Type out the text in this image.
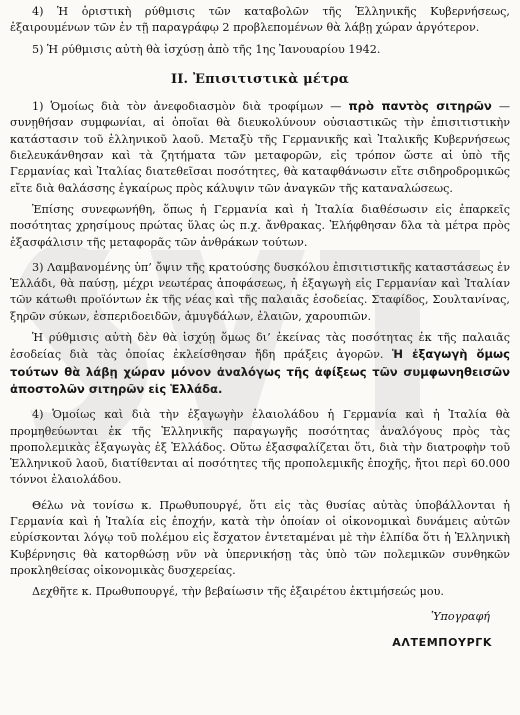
4) Ἡ ὁριστικὴ ρύθμισις τῶν καταβολῶν τῆς Ἑλληνικῆς Κυβερνήσεως, ἐξαιρουμένων τῶν ἐν τῇ παραγράφῳ 2 προβλεπομένων θὰ λάβῃ χώραν ἀργότερον.

5) Ἡ ρύθμισις αὐτὴ θὰ ἰσχύσῃ ἀπὸ τῆς 1ης Ἰανουαρίου 1942.

II. Ἐπισιτιστικὰ μέτρα

1) Ὁμοίως διὰ τὸν ἀνεφοδιασμὸν διὰ τροφίμων — πρὸ παντὸς σιτηρῶν — συνῃθήσαν συμφωνίαι, αἱ ὁποῖαι θὰ διευκολύνουν οὐσιαστικῶς τὴν ἐπισιτιστικὴν κατάστασιν τοῦ ἑλληνικοῦ λαοῦ. Μεταξὺ τῆς Γερμανικῆς καὶ Ἰταλικῆς Κυβερνήσεως διελευκάνθησαν καὶ τὰ ζητήματα τῶν μεταφορῶν, εἰς τρόπον ὥστε αἱ ὑπὸ τῆς Γερμανίας καὶ Ἰταλίας διατεθεῖσαι ποσότητες, θὰ καταφθάνωσιν εἴτε σιδηροδρομικῶς εἴτε διὰ θαλάσσης ἐγκαίρως πρὸς κάλυψιν τῶν ἀναγκῶν τῆς καταναλώσεως.

Ἐπίσης συνεφωνήθη, ὅπως ἡ Γερμανία καὶ ἡ Ἰταλία διαθέσωσιν εἰς ἐπαρκεῖς ποσότητας χρησίμους πρώτας ὕλας ὡς π.χ. ἄνθρακας. Ἐλήφθησαν δλα τὰ μέτρα πρὸς ἐξασφάλισιν τῆς μεταφορᾶς τῶν ἀνθράκων τούτων.

3) Λαμβανομένης ὑπ’ ὄψιν τῆς κρατούσης δυσκόλου ἐπισιτιστικῆς καταστάσεως ἐν Ἑλλάδι, θὰ παύσῃ, μέχρι νεωτέρας ἀποφάσεως, ἡ ἐξαγωγὴ εἰς Γερμανίαν καὶ Ἰταλίαν τῶν κάτωθι προϊόντων ἐκ τῆς νέας καὶ τῆς παλαιᾶς ἐσοδείας. Σταφίδος, Σουλτανίνας, ξηρῶν σύκων, ἑσπεριδοειδῶν, ἀμυγδάλων, ἐλαιῶν, χαρουπιῶν.

Ἡ ρύθμισις αὐτὴ δὲν θὰ ἰσχύῃ ὅμως δι’ ἐκείνας τὰς ποσότητας ἐκ τῆς παλαιᾶς ἐσοδείας διὰ τὰς ὁποίας ἐκλείσθησαν ἤδη πράξεις ἀγορῶν. Ἡ ἐξαγωγὴ ὅμως τούτων θὰ λάβῃ χώραν μόνον ἀναλόγως τῆς ἀφίξεως τῶν συμφωνηθεισῶν ἀποστολῶν σιτηρῶν εἰς Ἑλλάδα.

4) Ὁμοίως καὶ διὰ τὴν ἐξαγωγὴν ἐλαιολάδου ἡ Γερμανία καὶ ἡ Ἰταλία θὰ προμηθεύωνται ἐκ τῆς Ἑλληνικῆς παραγωγῆς ποσότητας ἀναλόγους πρὸς τὰς προπολεμικὰς ἐξαγωγὰς ἐξ Ἑλλάδος. Οὕτω ἐξασφαλίζεται ὅτι, διὰ τὴν διατροφὴν τοῦ Ἑλληνικοῦ λαοῦ, διατίθενται αἱ ποσότητες τῆς προπολεμικῆς ἐποχῆς, ἤτοι περὶ 60.000 τόννοι ἐλαιολάδου.

Θέλω νὰ τονίσω κ. Πρωθυπουργέ, ὅτι εἰς τὰς θυσίας αὐτὰς ὑποβάλλονται ἡ Γερμανία καὶ ἡ Ἰταλία εἰς ἐποχήν, κατὰ τὴν ὁποίαν οἱ οἰκονομικαὶ δυνάμεις αὐτῶν εὑρίσκονται λόγῳ τοῦ πολέμου εἰς ἔσχατον ἐντεταμέναι μὲ τὴν ἐλπίδα ὅτι ἡ Ἑλληνικὴ Κυβέρνησις θὰ κατορθώσῃ νῦν νὰ ὑπερνικήσῃ τὰς ὑπὸ τῶν πολεμικῶν συνθηκῶν προκληθείσας οἰκονομικὰς δυσχερείας.

Δεχθῆτε κ. Πρωθυπουργέ, τὴν βεβαίωσιν τῆς ἐξαιρέτου ἐκτιμήσεώς μου.

Ὑπογραφή
ΑΛΤΕΜΠΟΥΡΓΚ
